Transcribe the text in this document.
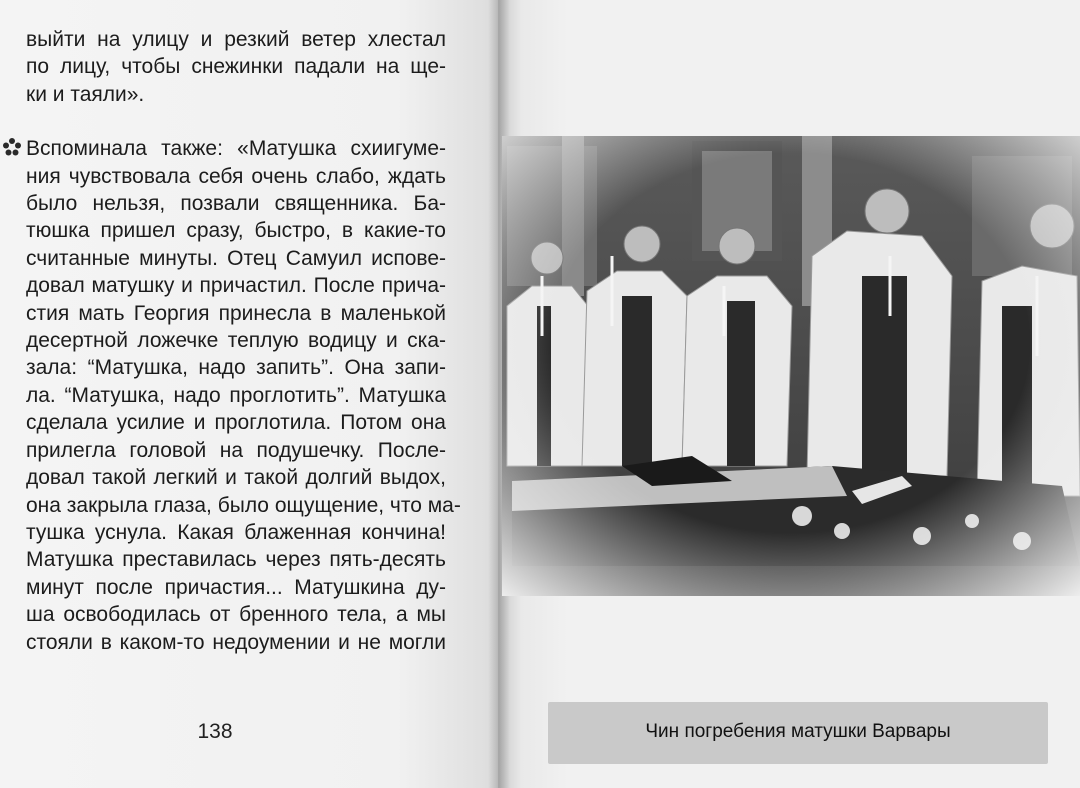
выйти на улицу и резкий ветер хлестал
по лицу, чтобы снежинки падали на ще-
ки и таяли».
Вспоминала также: «Матушка схиигуме-
ния чувствовала себя очень слабо, ждать
было нельзя, позвали священника. Ба-
тюшка пришел сразу, быстро, в какие-то
считанные минуты. Отец Самуил испове-
довал матушку и причастил. После прича-
стия мать Георгия принесла в маленькой
десертной ложечке теплую водицу и ска-
зала: “Матушка, надо запить”. Она запи-
ла. “Матушка, надо проглотить”. Матушка
сделала усилие и проглотила. Потом она
прилегла головой на подушечку. После-
довал такой легкий и такой долгий выдох,
она закрыла глаза, было ощущение, что ма-
тушка уснула. Какая блаженная кончина!
Матушка преставилась через пять-десять
минут после причастия... Матушкина ду-
ша освободилась от бренного тела, а мы
стояли в каком-то недоумении и не могли
138	Чин погребения матушки Варвары
